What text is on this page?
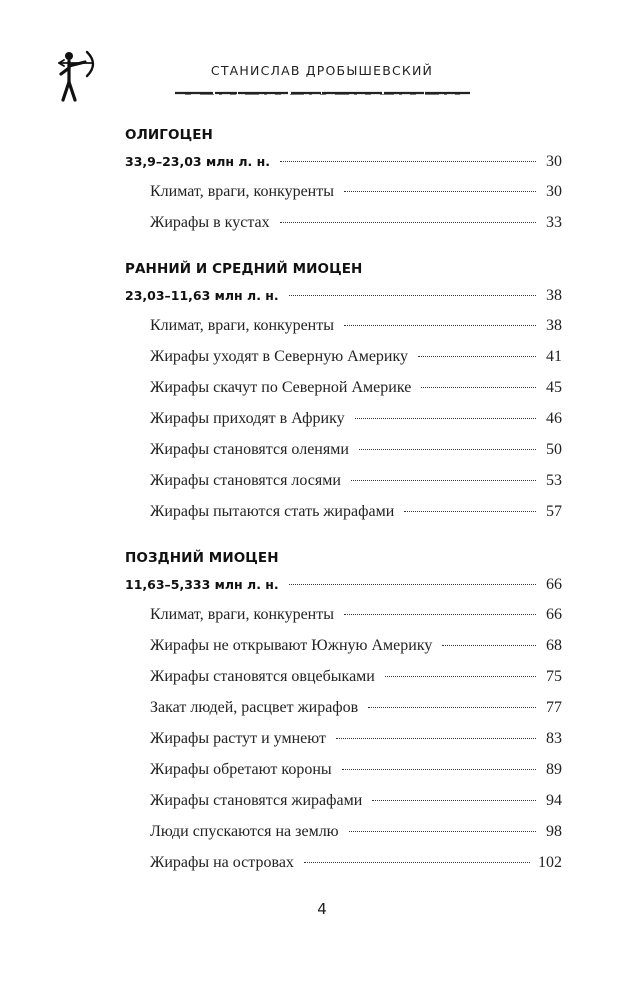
СТАНИСЛАВ ДРОБЫШЕВСКИЙ
ОЛИГОЦЕН
33,9–23,03 млн л. н.	30
Климат, враги, конкуренты	30
Жирафы в кустах	33
РАННИЙ И СРЕДНИЙ МИОЦЕН
23,03–11,63 млн л. н.	38
Климат, враги, конкуренты	38
Жирафы уходят в Северную Америку	41
Жирафы скачут по Северной Америке	45
Жирафы приходят в Африку	46
Жирафы становятся оленями	50
Жирафы становятся лосями	53
Жирафы пытаются стать жирафами	57
ПОЗДНИЙ МИОЦЕН
11,63–5,333 млн л. н.	66
Климат, враги, конкуренты	66
Жирафы не открывают Южную Америку	68
Жирафы становятся овцебыками	75
Закат людей, расцвет жирафов	77
Жирафы растут и умнеют	83
Жирафы обретают короны	89
Жирафы становятся жирафами	94
Люди спускаются на землю	98
Жирафы на островах	102
4
